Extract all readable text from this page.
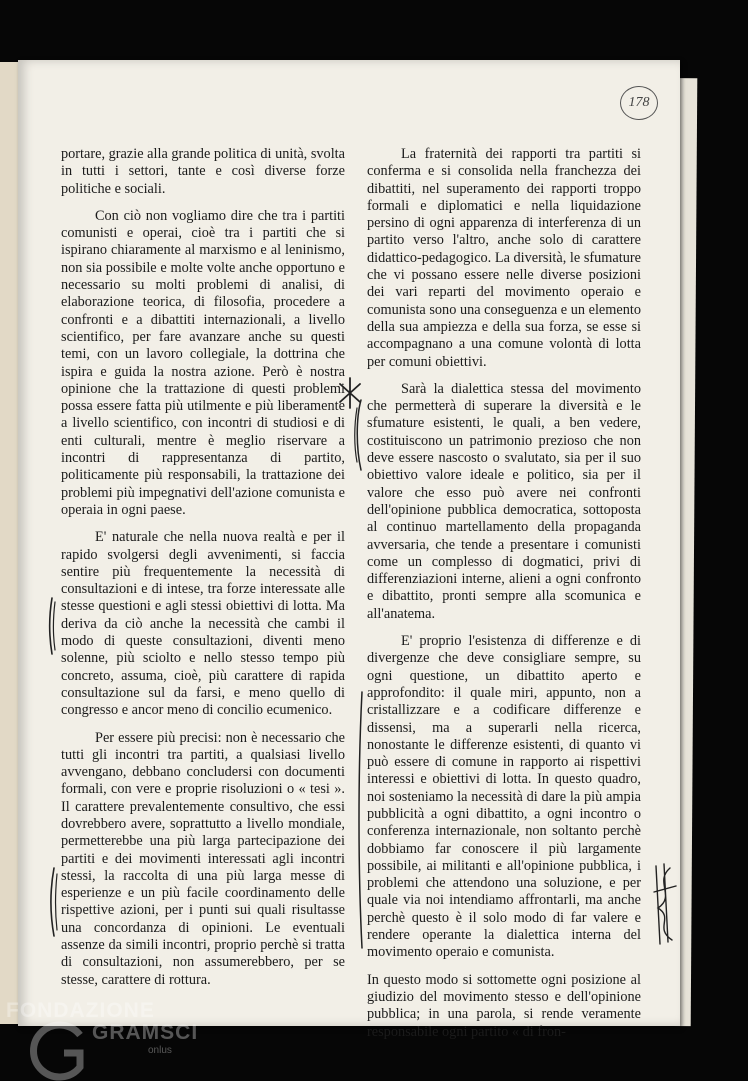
178

portare, grazie alla grande politica di unità, svolta in tutti i settori, tante e così diverse forze politiche e sociali.

Con ciò non vogliamo dire che tra i partiti comunisti e operai, cioè tra i partiti che si ispirano chiaramente al marxismo e al leninismo, non sia possibile e molte volte anche opportuno e necessario su molti problemi di analisi, di elaborazione teorica, di filosofia, procedere a confronti e a dibattiti internazionali, a livello scientifico, per fare avanzare anche su questi temi, con un lavoro collegiale, la dottrina che ispira e guida la nostra azione. Però è nostra opinione che la trattazione di questi problemi possa essere fatta più utilmente e più liberamente a livello scientifico, con incontri di studiosi e di enti culturali, mentre è meglio riservare a incontri di rappresentanza di partito, politicamente più responsabili, la trattazione dei problemi più impegnativi dell'azione comunista e operaia in ogni paese.

E' naturale che nella nuova realtà e per il rapido svolgersi degli avvenimenti, si faccia sentire più frequentemente la necessità di consultazioni e di intese, tra forze interessate alle stesse questioni e agli stessi obiettivi di lotta. Ma deriva da ciò anche la necessità che cambi il modo di queste consultazioni, diventi meno solenne, più sciolto e nello stesso tempo più concreto, assuma, cioè, più carattere di rapida consultazione sul da farsi, e meno quello di congresso e ancor meno di concilio ecumenico.

Per essere più precisi: non è necessario che tutti gli incontri tra partiti, a qualsiasi livello avvengano, debbano concludersi con documenti formali, con vere e proprie risoluzioni o « tesi ». Il carattere prevalentemente consultivo, che essi dovrebbero avere, soprattutto a livello mondiale, permetterebbe una più larga partecipazione dei partiti e dei movimenti interessati agli incontri stessi, la raccolta di una più larga messe di esperienze e un più facile coordinamento delle rispettive azioni, per i punti sui quali risultasse una concordanza di opinioni. Le eventuali assenze da simili incontri, proprio perchè si tratta di consultazioni, non assumerebbero, per se stesse, carattere di rottura.

La fraternità dei rapporti tra partiti si conferma e si consolida nella franchezza dei dibattiti, nel superamento dei rapporti troppo formali e diplomatici e nella liquidazione persino di ogni apparenza di interferenza di un partito verso l'altro, anche solo di carattere didattico-pedagogico. La diversità, le sfumature che vi possano essere nelle diverse posizioni dei vari reparti del movimento operaio e comunista sono una conseguenza e un elemento della sua ampiezza e della sua forza, se esse si accompagnano a una comune volontà di lotta per comuni obiettivi.

Sarà la dialettica stessa del movimento che permetterà di superare la diversità e le sfumature esistenti, le quali, a ben vedere, costituiscono un patrimonio prezioso che non deve essere nascosto o svalutato, sia per il suo obiettivo valore ideale e politico, sia per il valore che esso può avere nei confronti dell'opinione pubblica democratica, sottoposta al continuo martellamento della propaganda avversaria, che tende a presentare i comunisti come un complesso di dogmatici, privi di differenziazioni interne, alieni a ogni confronto e dibattito, pronti sempre alla scomunica e all'anatema.

E' proprio l'esistenza di differenze e di divergenze che deve consigliare sempre, su ogni questione, un dibattito aperto e approfondito: il quale miri, appunto, non a cristallizzare e a codificare differenze e dissensi, ma a superarli nella ricerca, nonostante le differenze esistenti, di quanto vi può essere di comune in rapporto ai rispettivi interessi e obiettivi di lotta. In questo quadro, noi sosteniamo la necessità di dare la più ampia pubblicità a ogni dibattito, a ogni incontro o conferenza internazionale, non soltanto perchè dobbiamo far conoscere il più largamente possibile, ai militanti e all'opinione pubblica, i problemi che attendono una soluzione, e per quale via noi intendiamo affrontarli, ma anche perchè questo è il solo modo di far valere e rendere operante la dialettica interna del movimento operaio e comunista.

In questo modo si sottomette ogni posizione al giudizio del movimento stesso e dell'opinione pubblica; in una parola, si rende veramente responsabile ogni partito « di fron-

FONDAZIONE
GRAMSCI
onlus
